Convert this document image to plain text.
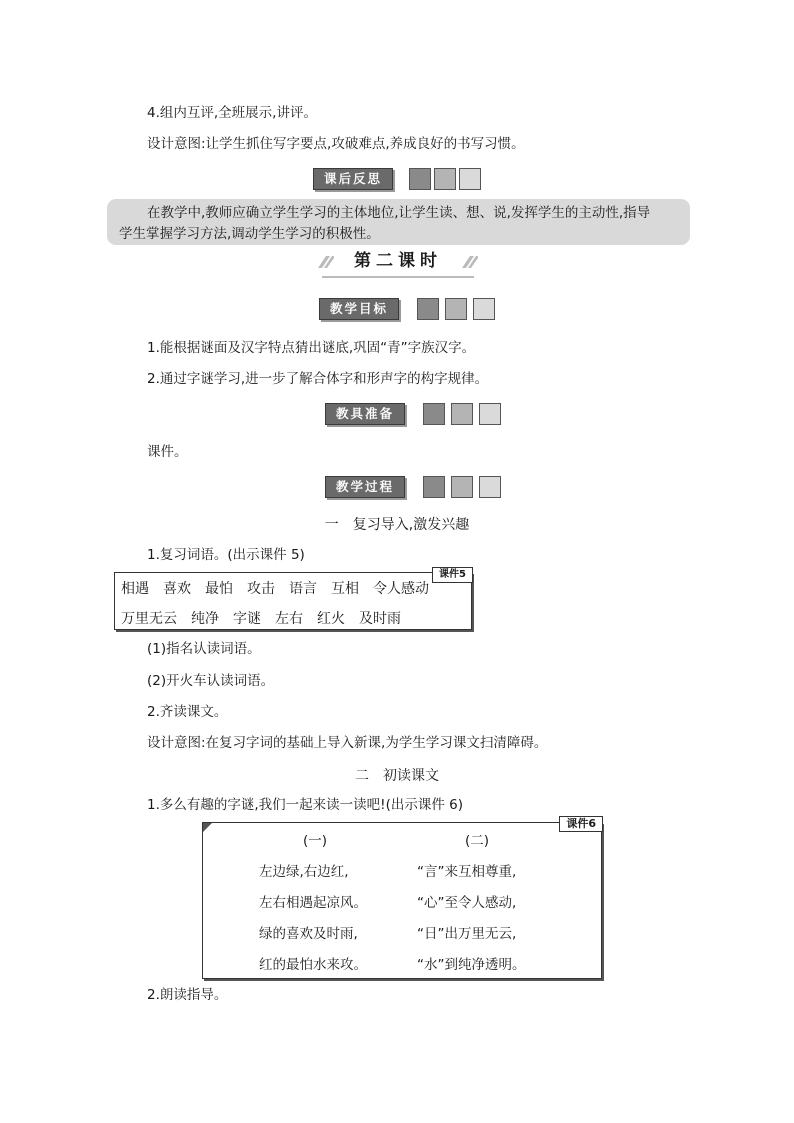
4.组内互评,全班展示,讲评。
设计意图:让学生抓住写字要点,攻破难点,养成良好的书写习惯。
课后反思

在教学中,教师应确立学生学习的主体地位,让学生读、想、说,发挥学生的主动性,指导

学生掌握学习方法,调动学生学习的积极性。

第二课时
教学目标
1.能根据谜面及汉字特点猜出谜底,巩固“青”字族汉字。
2.通过字谜学习,进一步了解合体字和形声字的构字规律。
教具准备
课件。
教学过程
一　复习导入,激发兴趣
1.复习词语。(出示课件 5)
课件5
相遇 喜欢 最怕 攻击 语言 互相 令人感动
万里无云 纯净 字谜 左右 红火 及时雨
(1)指名认读词语。
(2)开火车认读词语。
2.齐读课文。
设计意图:在复习字词的基础上导入新课,为学生学习课文扫清障碍。
二　初读课文
1.多么有趣的字谜,我们一起来读一读吧!(出示课件 6)
课件6
(一)	(二)
左边绿,右边红,
左右相遇起凉风。
绿的喜欢及时雨,
红的最怕水来攻。
“言”来互相尊重,
“心”至令人感动,
“日”出万里无云,
“水”到纯净透明。
2.朗读指导。
